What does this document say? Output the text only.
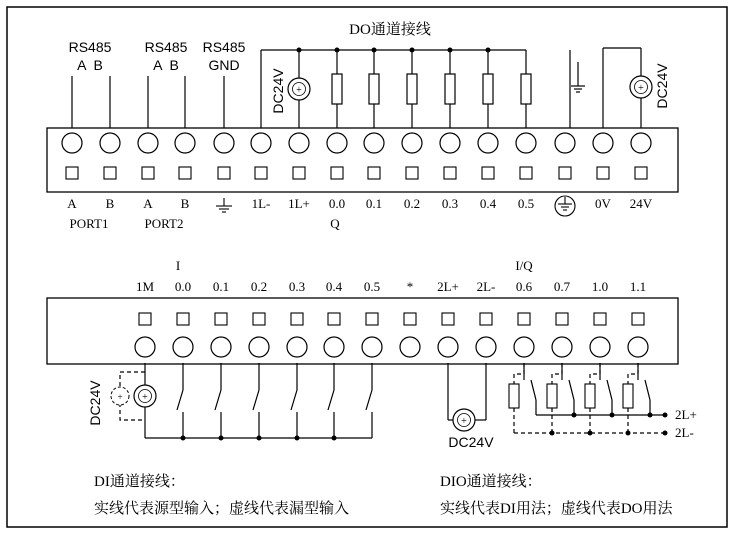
DO通道接线
A B A B	1L- 1L+ 0.0 0.1 0.2 0.3 0.4 0.5	0V 24V
RS485
A  B
RS485
A  B
RS485
GND
+	+
DC24V	DC24V
PORT1	PORT2	Q
I	I/Q
1M 0.0 0.1 0.2 0.3 0.4 0.5 * 2L+ 2L- 0.6 0.7 1.0 1.1
+
+
DC24V	+
DC24V
2L+
2L-
DI通道接线：
实线代表源型输入；虚线代表漏型输入
DIO通道接线：
实线代表DI用法；虚线代表DO用法
